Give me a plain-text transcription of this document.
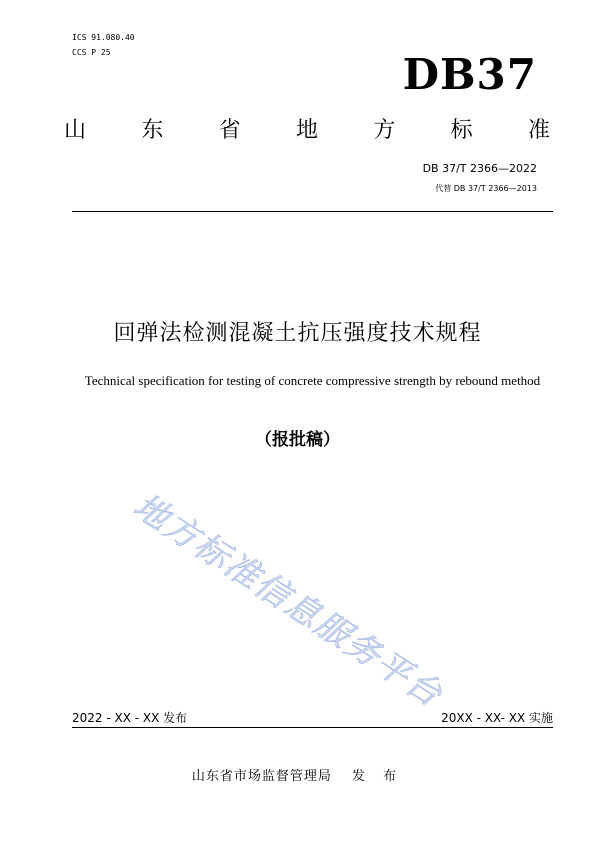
ICS 91.080.40
CCS P 25	DB37
山	东	省	地	方	标	准
DB 37/T 2366—2022
代替 DB 37/T 2366—2013
回弹法检测混凝土抗压强度技术规程
Technical specification for testing of concrete compressive strength by rebound method
（报批稿）
地方标准信息服务平台
2022 - XX - XX 发布	20XX - XX- XX 实施
山东省市场监督管理局 发 布
